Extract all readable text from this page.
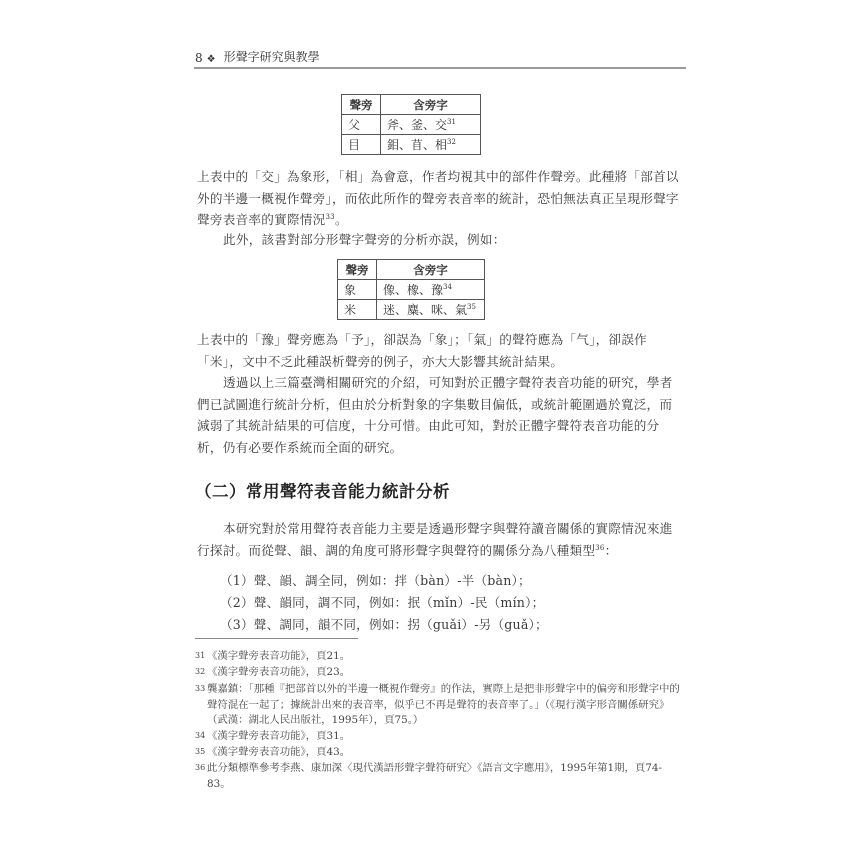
8 ❖ 形聲字研究與教學
聲旁	含旁字
父	斧、釜、交$^{31}$
目	鉬、苜、相$^{32}$

上表中的「交」為象形，「相」為會意，作者均視其中的部件作聲旁。此種將「部首以外的半邊一概視作聲旁」，而依此所作的聲旁表音率的統計，恐怕無法真正呈現形聲字聲旁表音率的實際情況$^{33}$。

此外，該書對部分形聲字聲旁的分析亦誤，例如：

聲旁	含旁字
象	像、橡、豫$^{34}$
米	迷、麋、咪、氣$^{35}$

上表中的「豫」聲旁應為「予」，卻誤為「象」；「氣」的聲符應為「气」，卻誤作「米」，文中不乏此種誤析聲旁的例子，亦大大影響其統計結果。

透過以上三篇臺灣相關研究的介紹，可知對於正體字聲符表音功能的研究，學者們已試圖進行統計分析，但由於分析對象的字集數目偏低，或統計範圍過於寬泛，而減弱了其統計結果的可信度，十分可惜。由此可知，對於正體字聲符表音功能的分析，仍有必要作系統而全面的研究。

（二）常用聲符表音能力統計分析

本研究對於常用聲符表音能力主要是透過形聲字與聲符讀音關係的實際情況來進行探討。而從聲、韻、調的角度可將形聲字與聲符的關係分為八種類型$^{36}$：

（1）聲、韻、調全同，例如：拌（bàn）-半（bàn）；
（2）聲、韻同，調不同，例如：抿（mǐn）-民（mín）；
（3）聲、調同，韻不同，例如：拐（guǎi）-另（guǎ）；
31 《漢字聲旁表音功能》，頁21。
32 《漢字聲旁表音功能》，頁23。
33 龔嘉鎮：「那種『把部首以外的半邊一概視作聲旁』的作法，實際上是把非形聲字中的偏旁和形聲字中的聲符混在一起了；據統計出來的表音率，似乎已不再是聲符的表音率了。」（《現行漢字形音關係研究》（武漢：湖北人民出版社，1995年），頁75。）
34 《漢字聲旁表音功能》，頁31。
35 《漢字聲旁表音功能》，頁43。
36 此分類標準參考李燕、康加深〈現代漢語形聲字聲符研究〉《語言文字應用》，1995年第1期，頁74-83。
